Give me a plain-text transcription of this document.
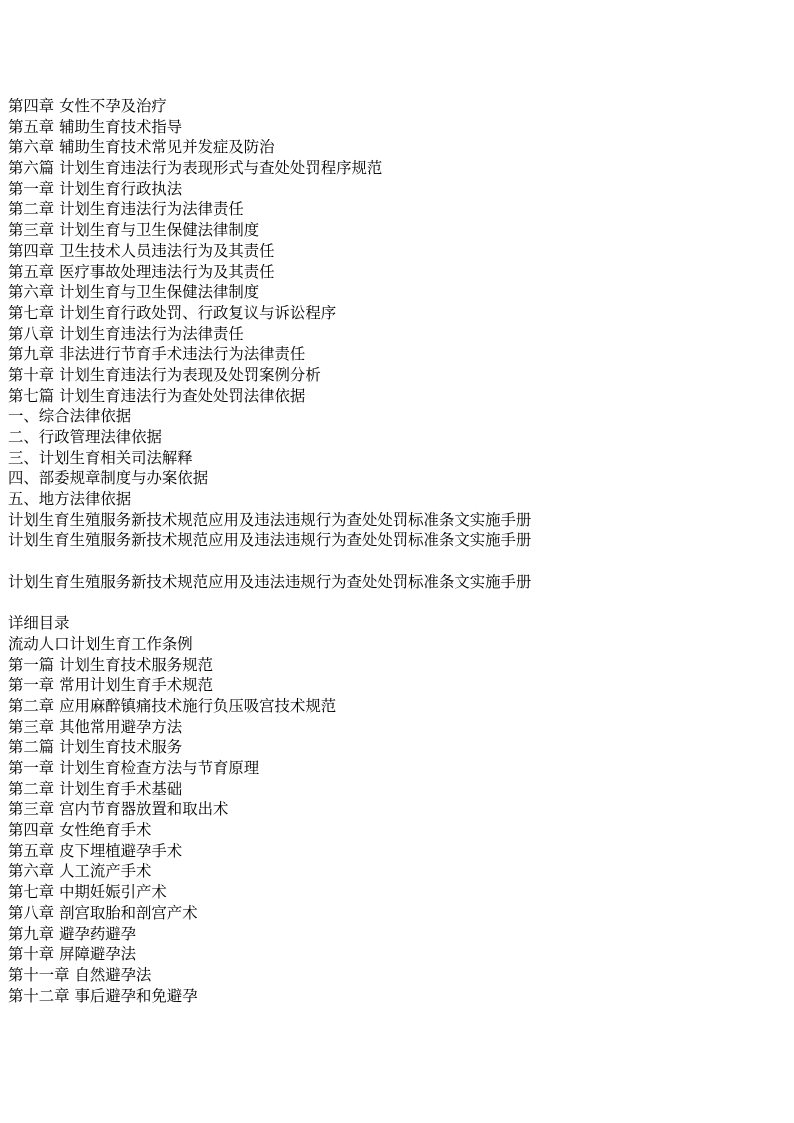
第四章 女性不孕及治疗
第五章 辅助生育技术指导
第六章 辅助生育技术常见并发症及防治
第六篇 计划生育违法行为表现形式与查处处罚程序规范
第一章 计划生育行政执法
第二章 计划生育违法行为法律责任
第三章 计划生育与卫生保健法律制度
第四章 卫生技术人员违法行为及其责任
第五章 医疗事故处理违法行为及其责任
第六章 计划生育与卫生保健法律制度
第七章 计划生育行政处罚、行政复议与诉讼程序
第八章 计划生育违法行为法律责任
第九章 非法进行节育手术违法行为法律责任
第十章 计划生育违法行为表现及处罚案例分析
第七篇 计划生育违法行为查处处罚法律依据
一、综合法律依据
二、行政管理法律依据
三、计划生育相关司法解释
四、部委规章制度与办案依据
五、地方法律依据
计划生育生殖服务新技术规范应用及违法违规行为查处处罚标准条文实施手册
计划生育生殖服务新技术规范应用及违法违规行为查处处罚标准条文实施手册
计划生育生殖服务新技术规范应用及违法违规行为查处处罚标准条文实施手册
详细目录
流动人口计划生育工作条例
第一篇 计划生育技术服务规范
第一章 常用计划生育手术规范
第二章 应用麻醉镇痛技术施行负压吸宫技术规范
第三章 其他常用避孕方法
第二篇 计划生育技术服务
第一章 计划生育检查方法与节育原理
第二章 计划生育手术基础
第三章 宫内节育器放置和取出术
第四章 女性绝育手术
第五章 皮下埋植避孕手术
第六章 人工流产手术
第七章 中期妊娠引产术
第八章 剖宫取胎和剖宫产术
第九章 避孕药避孕
第十章 屏障避孕法
第十一章 自然避孕法
第十二章 事后避孕和免避孕
